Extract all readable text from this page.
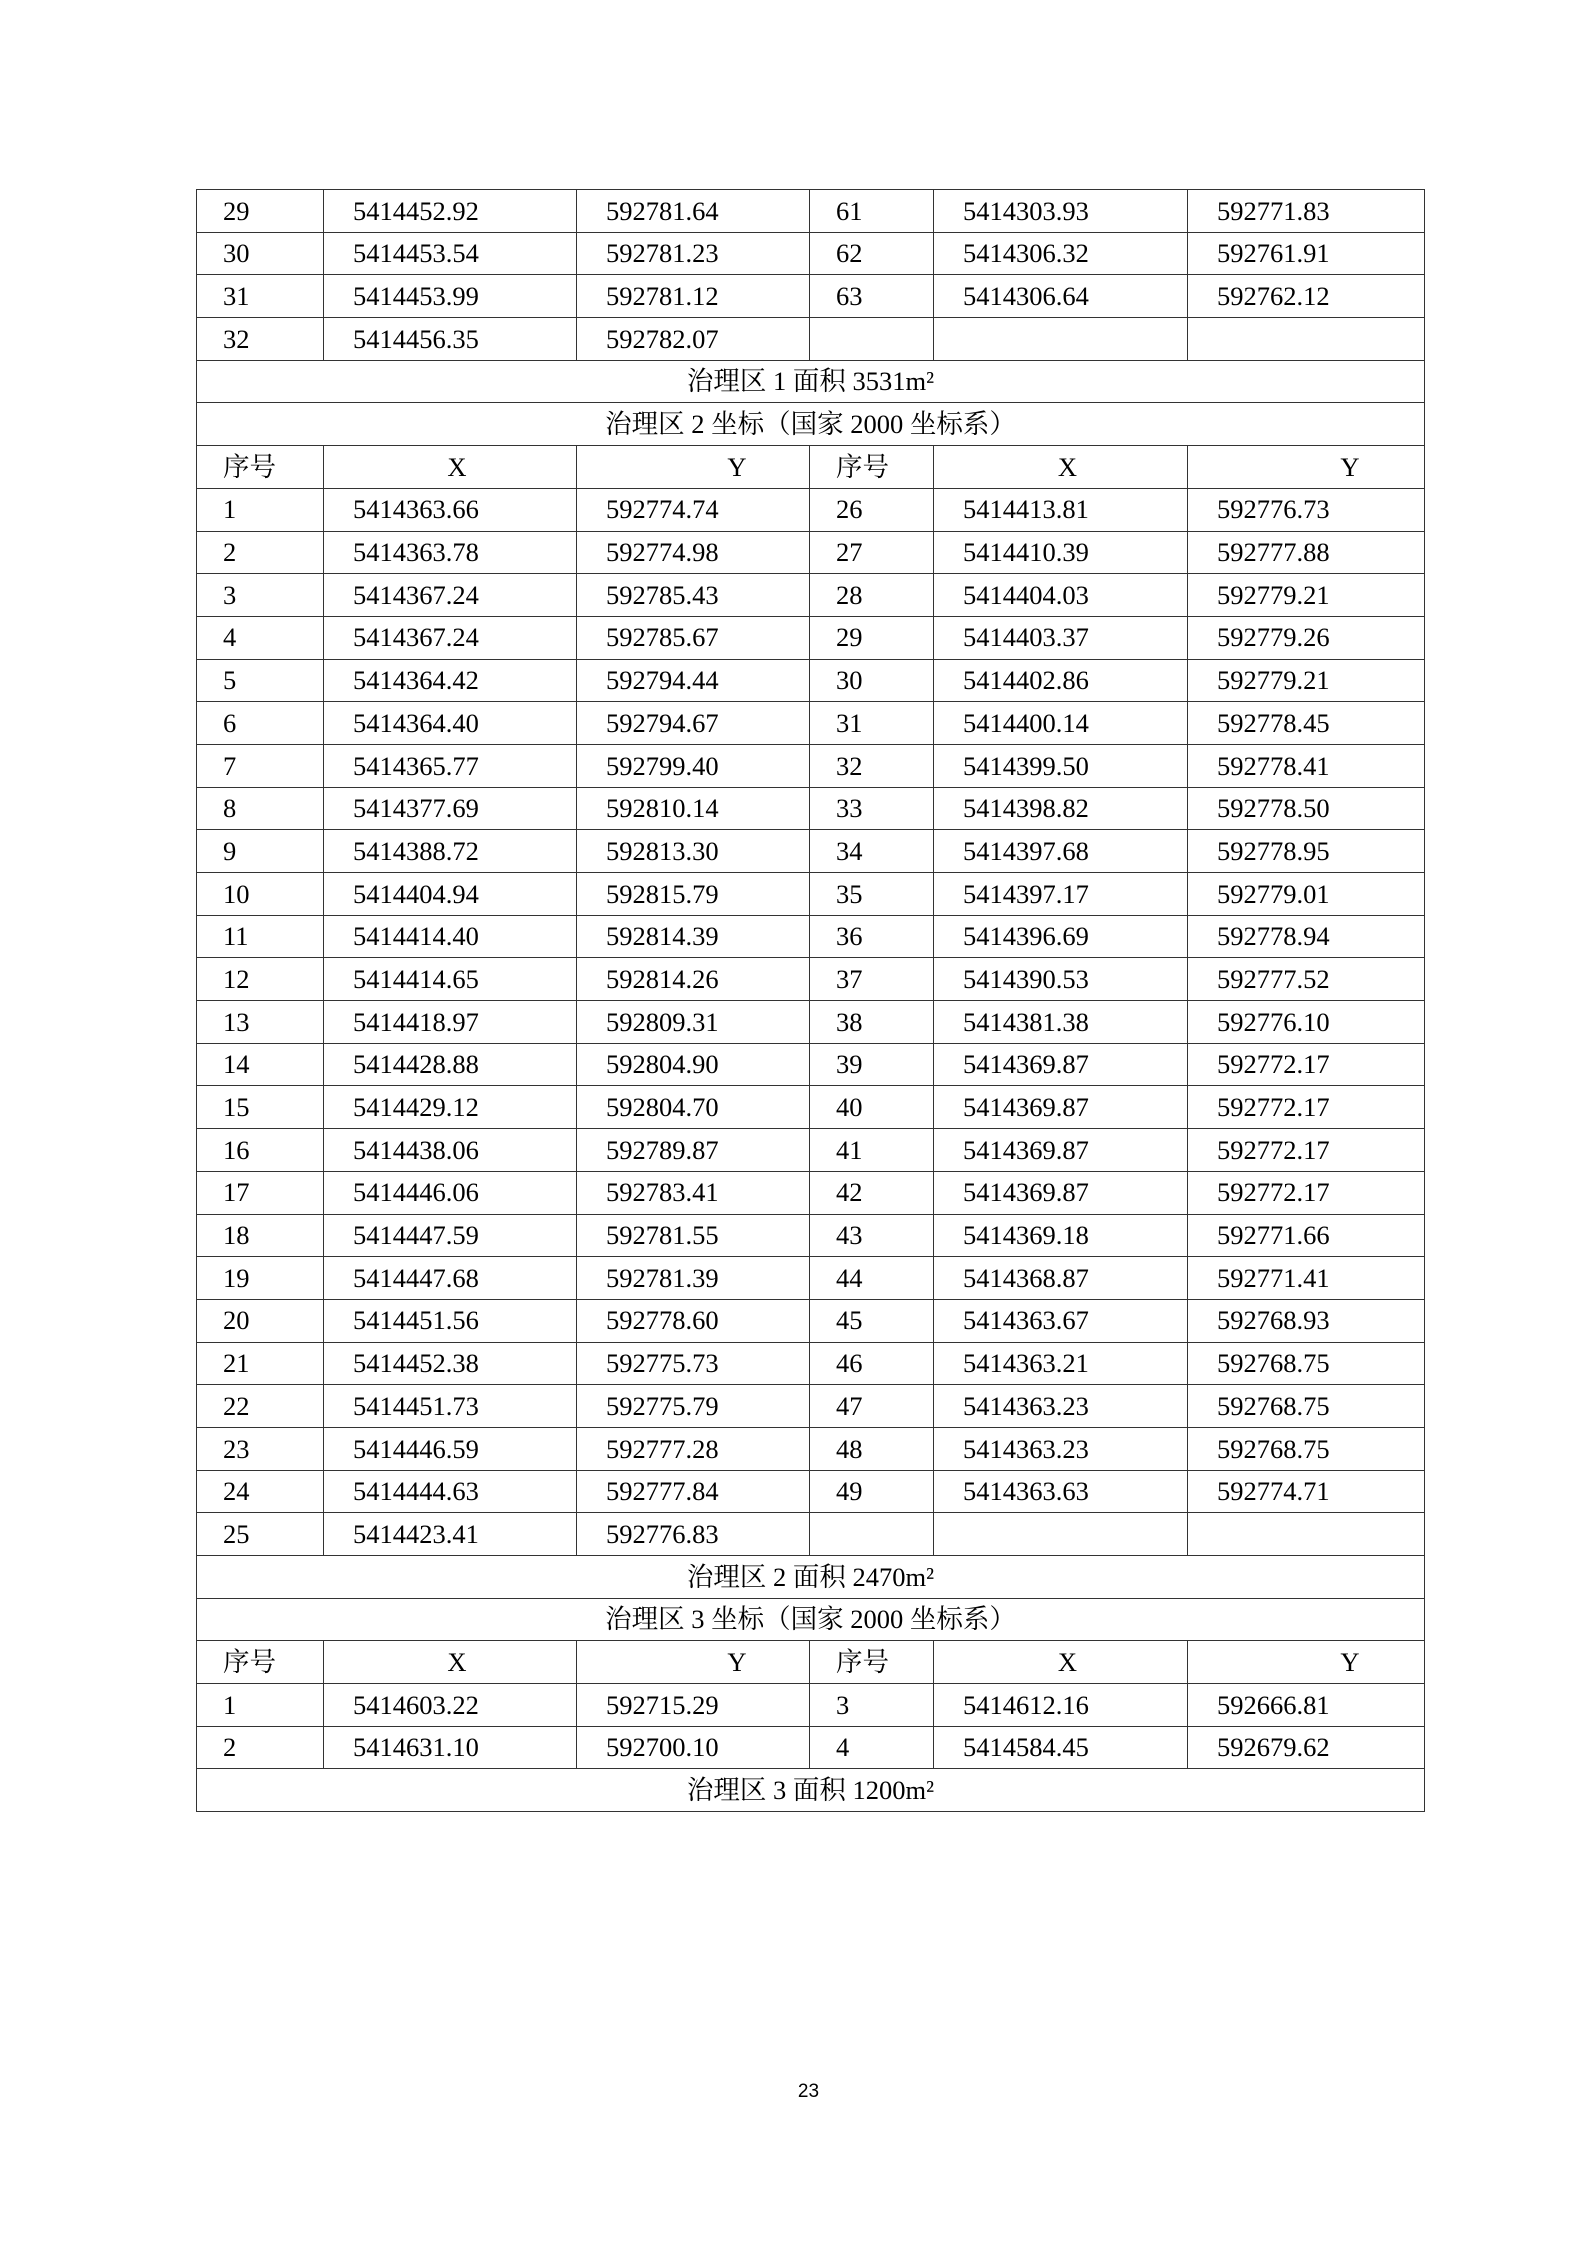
29	5414452.92	592781.64	61	5414303.93	592771.83
30	5414453.54	592781.23	62	5414306.32	592761.91
31	5414453.99	592781.12	63	5414306.64	592762.12
32	5414456.35	592782.07			
治理区 1 面积 3531m²					
治理区 2 坐标（国家 2000 坐标系）					
序号	X	Y	序号	X	Y
1	5414363.66	592774.74	26	5414413.81	592776.73
2	5414363.78	592774.98	27	5414410.39	592777.88
3	5414367.24	592785.43	28	5414404.03	592779.21
4	5414367.24	592785.67	29	5414403.37	592779.26
5	5414364.42	592794.44	30	5414402.86	592779.21
6	5414364.40	592794.67	31	5414400.14	592778.45
7	5414365.77	592799.40	32	5414399.50	592778.41
8	5414377.69	592810.14	33	5414398.82	592778.50
9	5414388.72	592813.30	34	5414397.68	592778.95
10	5414404.94	592815.79	35	5414397.17	592779.01
11	5414414.40	592814.39	36	5414396.69	592778.94
12	5414414.65	592814.26	37	5414390.53	592777.52
13	5414418.97	592809.31	38	5414381.38	592776.10
14	5414428.88	592804.90	39	5414369.87	592772.17
15	5414429.12	592804.70	40	5414369.87	592772.17
16	5414438.06	592789.87	41	5414369.87	592772.17
17	5414446.06	592783.41	42	5414369.87	592772.17
18	5414447.59	592781.55	43	5414369.18	592771.66
19	5414447.68	592781.39	44	5414368.87	592771.41
20	5414451.56	592778.60	45	5414363.67	592768.93
21	5414452.38	592775.73	46	5414363.21	592768.75
22	5414451.73	592775.79	47	5414363.23	592768.75
23	5414446.59	592777.28	48	5414363.23	592768.75
24	5414444.63	592777.84	49	5414363.63	592774.71
25	5414423.41	592776.83			
治理区 2 面积 2470m²					
治理区 3 坐标（国家 2000 坐标系）					
序号	X	Y	序号	X	Y
1	5414603.22	592715.29	3	5414612.16	592666.81
2	5414631.10	592700.10	4	5414584.45	592679.62
治理区 3 面积 1200m²					
23
